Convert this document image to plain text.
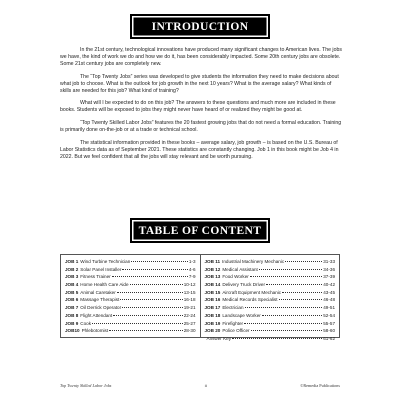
INTRODUCTION

In the 21st century, technological innovations have produced many significant changes to American lives. The jobs we have, the kind of work we do and how we do it, has been considerably impacted. Some 20th century jobs are obsolete. Some 21st century jobs are completely new.

The “Top Twenty Jobs” series was developed to give students the information they need to make decisions about what job to choose. What is the outlook for job growth in the next 10 years? What is the average salary? What kinds of skills are needed for this job? What kind of training?

What will I be expected to do on this job? The answers to these questions and much more are included in these books. Students will be exposed to jobs they might never have heard of or realized they might be good at.

“Top Twenty Skilled Labor Jobs” features the 20 fastest growing jobs that do not need a formal education. Training is primarily done on-the-job or at a trade or technical school.

The statistical information provided in these books – average salary, job growth – is based on the U.S. Bureau of Labor Statistics data as of September 2021. These statistics are constantly changing. Job 1 in this book might be Job 4 in 2022. But we feel confident that all the jobs will stay relevant and be worth pursuing.

TABLE OF CONTENT
JOB 1 Wind Turbine Technician	1-3
JOB 2 Solar Panel Installer	4-6
JOB 3 Fitness Trainer	7-9
JOB 4 Home Health Care Aide	10-12
JOB 5 Animal Caretaker	13-15
JOB 6 Massage Therapist	16-18
JOB 7 Oil Derrick Operator	19-21
JOB 8 Flight Attendant	22-24
JOB 9 Cook	25-27
JOB10 Phlebotomist	28-30
JOB 11 Industrial Machinery Mechanic	31-33
JOB 12 Medical Assistant	34-36
JOB 13 Food Worker	37-39
JOB 14 Delivery Truck Driver	40-42
JOB 15 Aircraft Equipment Mechanic	43-45
JOB 16 Medical Records Specialist	46-48
JOB 17 Electrician	49-51
JOB 18 Landscape Worker	52-54
JOB 19 Firefighter	55-57
JOB 20 Police Officer	58-60
Answer Key	61-62
Top Twenty Skilled Labor Jobs	ii	©Remedia Publications
